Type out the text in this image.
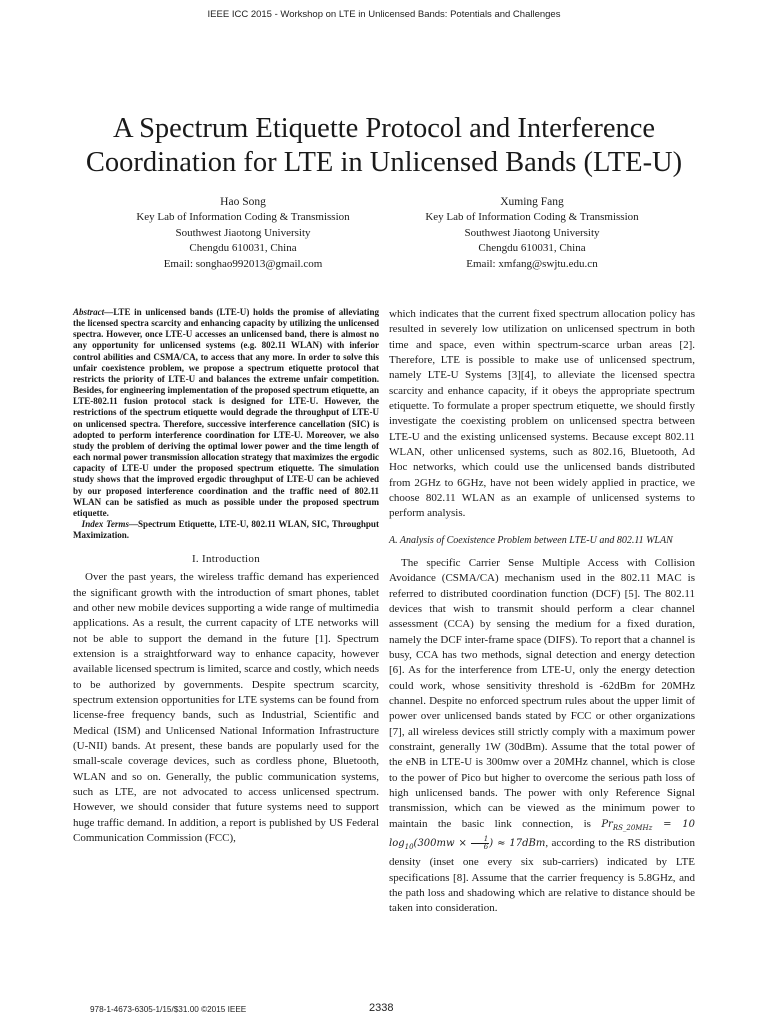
IEEE ICC 2015 - Workshop on LTE in Unlicensed Bands: Potentials and Challenges
A Spectrum Etiquette Protocol and Interference
Coordination for LTE in Unlicensed Bands (LTE-U)
Hao Song
Key Lab of Information Coding & Transmission
Southwest Jiaotong University
Chengdu 610031, China
Email: songhao992013@gmail.com
Xuming Fang
Key Lab of Information Coding & Transmission
Southwest Jiaotong University
Chengdu 610031, China
Email: xmfang@swjtu.edu.cn

Abstract—LTE in unlicensed bands (LTE-U) holds the promise of alleviating the licensed spectra scarcity and enhancing capacity by utilizing the unlicensed spectra. However, once LTE-U accesses an unlicensed band, there is almost no any opportunity for unlicensed systems (e.g. 802.11 WLAN) with inferior control abilities and CSMA/CA, to access that any more. In order to solve this unfair coexistence problem, we propose a spectrum etiquette protocol that restricts the priority of LTE-U and balances the extreme unfair competition. Besides, for engineering implementation of the proposed spectrum etiquette, an LTE-802.11 fusion protocol stack is designed for LTE-U. However, the restrictions of the spectrum etiquette would degrade the throughput of LTE-U on unlicensed spectra. Therefore, successive interference cancellation (SIC) is adopted to perform interference coordination for LTE-U. Moreover, we also study the problem of deriving the optimal lower power and the time length of each normal power transmission allocation strategy that maximizes the ergodic capacity of LTE-U under the proposed spectrum etiquette. The simulation study shows that the improved ergodic throughput of LTE-U can be achieved by our proposed interference coordination and the traffic need of 802.11 WLAN can be satisfied as much as possible under the proposed spectrum etiquette.

Index Terms—Spectrum Etiquette, LTE-U, 802.11 WLAN, SIC, Throughput Maximization.

I. Introduction

Over the past years, the wireless traffic demand has experienced the significant growth with the introduction of smart phones, tablet and other new mobile devices supporting a wide range of multimedia applications. As a result, the current capacity of LTE networks will not be able to support the demand in the future [1]. Spectrum extension is a straightforward way to enhance capacity, however available licensed spectrum is limited, scarce and costly, which needs to be authorized by governments. Despite spectrum scarcity, spectrum extension opportunities for LTE systems can be found from license-free frequency bands, such as Industrial, Scientific and Medical (ISM) and Unlicensed National Information Infrastructure (U-NII) bands. At present, these bands are popularly used for the small-scale coverage devices, such as cordless phone, Bluetooth, WLAN and so on. Generally, the public communication systems, such as LTE, are not advocated to access unlicensed spectrum. However, we should consider that future systems need to support huge traffic demand. In addition, a report is published by US Federal Communication Commission (FCC),

which indicates that the current fixed spectrum allocation policy has resulted in severely low utilization on unlicensed spectrum in both time and space, even within spectrum-scarce urban areas [2]. Therefore, LTE is possible to make use of unlicensed spectrum, namely LTE-U Systems [3][4], to alleviate the licensed spectra scarcity and enhance capacity, if it obeys the appropriate spectrum etiquette. To formulate a proper spectrum etiquette, we should firstly investigate the coexisting problem on unlicensed spectra between LTE-U and the existing unlicensed systems. Because except 802.11 WLAN, other unlicensed systems, such as 802.16, Bluetooth, Ad Hoc networks, which could use the unlicensed bands distributed from 2GHz to 6GHz, have not been widely applied in practice, we choose 802.11 WLAN as an example of unlicensed systems to perform analysis.

A. Analysis of Coexistence Problem between LTE-U and 802.11 WLAN

The specific Carrier Sense Multiple Access with Collision Avoidance (CSMA/CA) mechanism used in the 802.11 MAC is referred to distributed coordination function (DCF) [5]. The 802.11 devices that wish to transmit should perform a clear channel assessment (CCA) by sensing the medium for a fixed duration, namely the DCF inter-frame space (DIFS). To report that a channel is busy, CCA has two methods, signal detection and energy detection [6]. As for the interference from LTE-U, only the energy detection could work, whose sensitivity threshold is -62dBm for 20MHz channel. Despite no enforced spectrum rules about the upper limit of power over unlicensed bands stated by FCC or other organizations [7], all wireless devices still strictly comply with a maximum power constraint, generally 1W (30dBm). Assume that the total power of the eNB in LTE-U is 300mw over a 20MHz channel, which is close to the power of Pico but higher to overcome the serious path loss of high unlicensed bands. The power with only Reference Signal transmission, which can be viewed as the minimum power to maintain the basic link connection, is $Pr_{RS\_20MHz} = 10$ $\log_{10}(300mw \times \frac{1}{6}$ ) ≈ 17dBm, according to the RS distribution density (inset one every six sub-carriers) indicated by LTE specifications [8]. Assume that the carrier frequency is 5.8GHz, and the path loss and shadowing which are relative to distance should be taken into consideration.

978-1-4673-6305-1/15/$31.00 ©2015 IEEE	2338
